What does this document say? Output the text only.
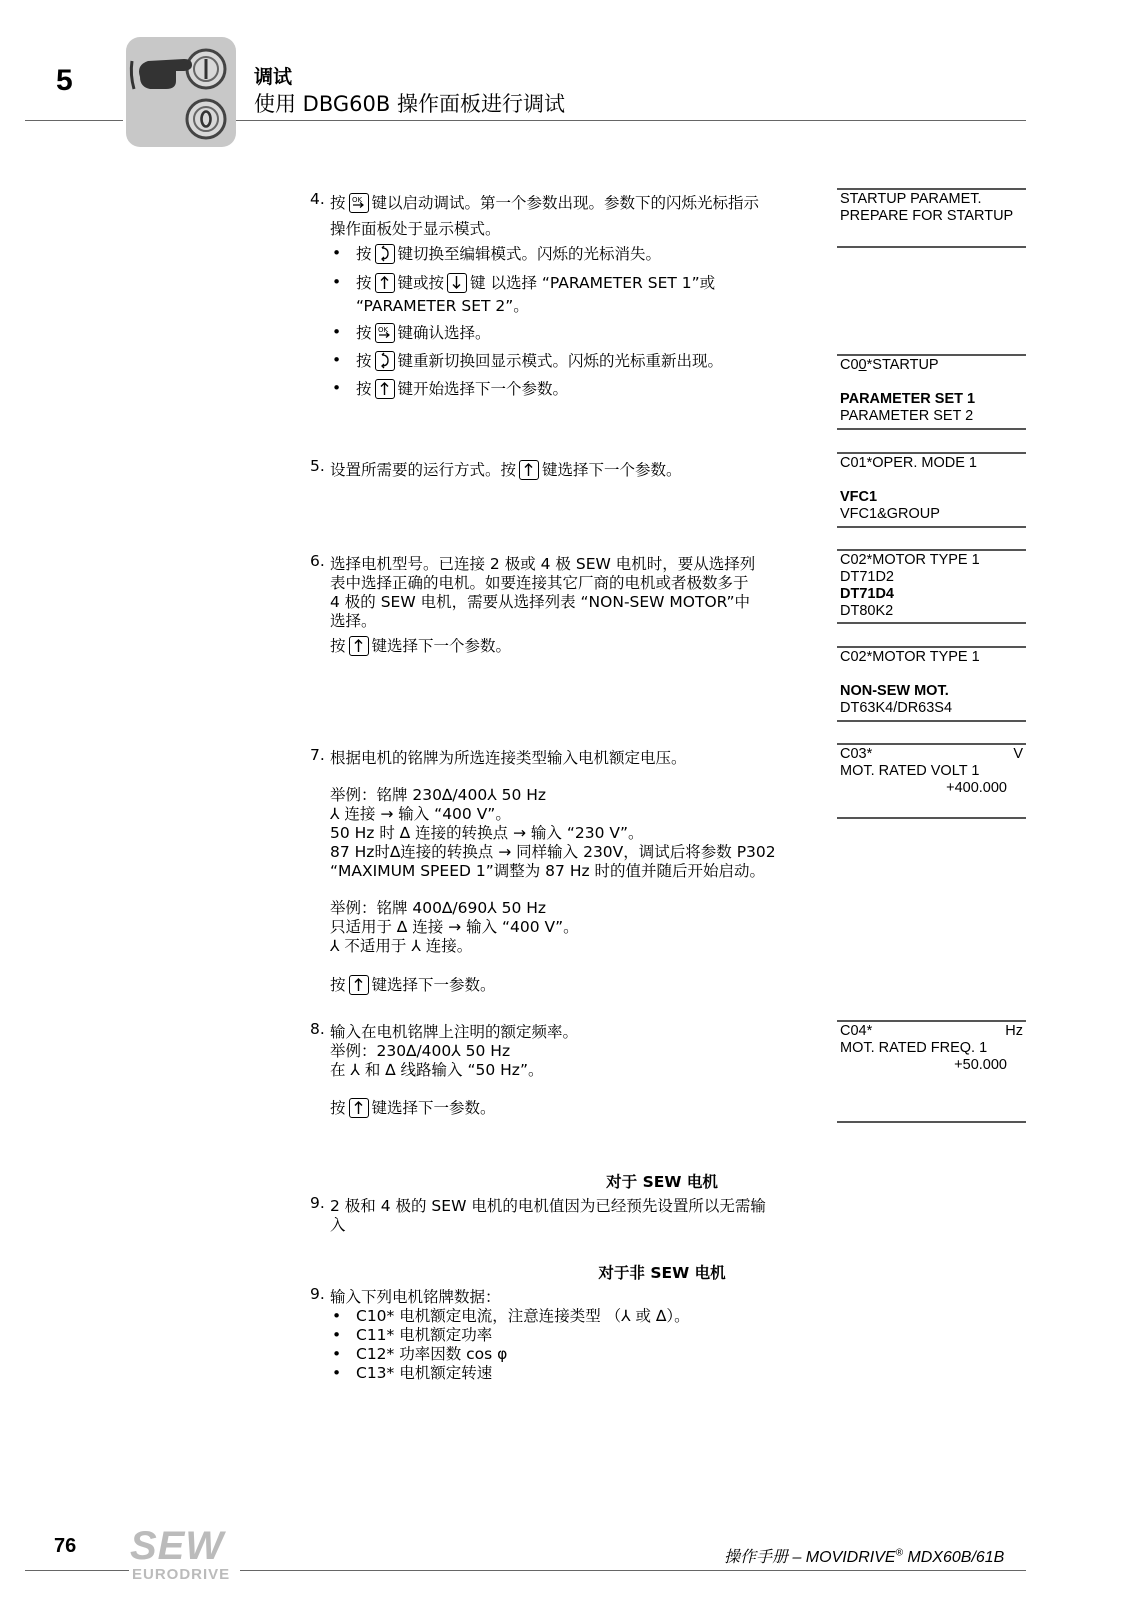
5	调试
使用 DBG60B 操作面板进行调试
4. 按 OK 键以启动调试。第一个参数出现。参数下的闪烁光标指示
操作面板处于显示模式。
• 按 键切换至编辑模式。闪烁的光标消失。
• 按 键或按 键 以选择 “PARAMETER SET 1”或
“PARAMETER SET 2”。
• 按 OK 键确认选择。
• 按 键重新切换回显示模式。闪烁的光标重新出现。
• 按 键开始选择下一个参数。
5. 设置所需要的运行方式。按 键选择下一个参数。
6. 选择电机型号。已连接 2 极或 4 极 SEW 电机时，要从选择列
表中选择正确的电机。如要连接其它厂商的电机或者极数多于
4 极的 SEW 电机，需要从选择列表 “NON-SEW MOTOR”中
选择。
按 键选择下一个参数。
7. 根据电机的铭牌为所选连接类型输入电机额定电压。
举例：铭牌 230∆/400⅄ 50 Hz
⅄ 连接 → 输入 “400 V”。
50 Hz 时 ∆ 连接的转换点 → 输入 “230 V”。
87 Hz时∆连接的转换点 → 同样输入 230V，调试后将参数 P302
“MAXIMUM SPEED 1”调整为 87 Hz 时的值并随后开始启动。
举例：铭牌 400∆/690⅄ 50 Hz
只适用于 ∆ 连接 → 输入 “400 V”。
⅄ 不适用于 ⅄ 连接。
按 键选择下一参数。
8. 输入在电机铭牌上注明的额定频率。
举例：230∆/400⅄ 50 Hz
在 ⅄ 和 ∆ 线路输入 “50 Hz”。
按 键选择下一参数。
对于 SEW 电机
9. 2 极和 4 极的 SEW 电机的电机值因为已经预先设置所以无需输
入
对于非 SEW 电机
9. 输入下列电机铭牌数据：
• C10* 电机额定电流，注意连接类型 （⅄ 或 ∆）。
• C11* 电机额定功率
• C12* 功率因数 cos φ
• C13* 电机额定转速
STARTUP PARAMET.
PREPARE FOR STARTUP
C00*STARTUP
PARAMETER SET 1
PARAMETER SET 2
C01*OPER. MODE 1
VFC1
VFC1&GROUP
C02*MOTOR TYPE 1
DT71D2
DT71D4
DT80K2
C02*MOTOR TYPE 1
NON-SEW MOT.
DT63K4/DR63S4
C03*	V
MOT. RATED VOLT 1
+400.000
C04*	Hz
MOT. RATED FREQ. 1
+50.000
76 SEW
EURODRIVE
操作手册 – MOVIDRIVE® MDX60B/61B
